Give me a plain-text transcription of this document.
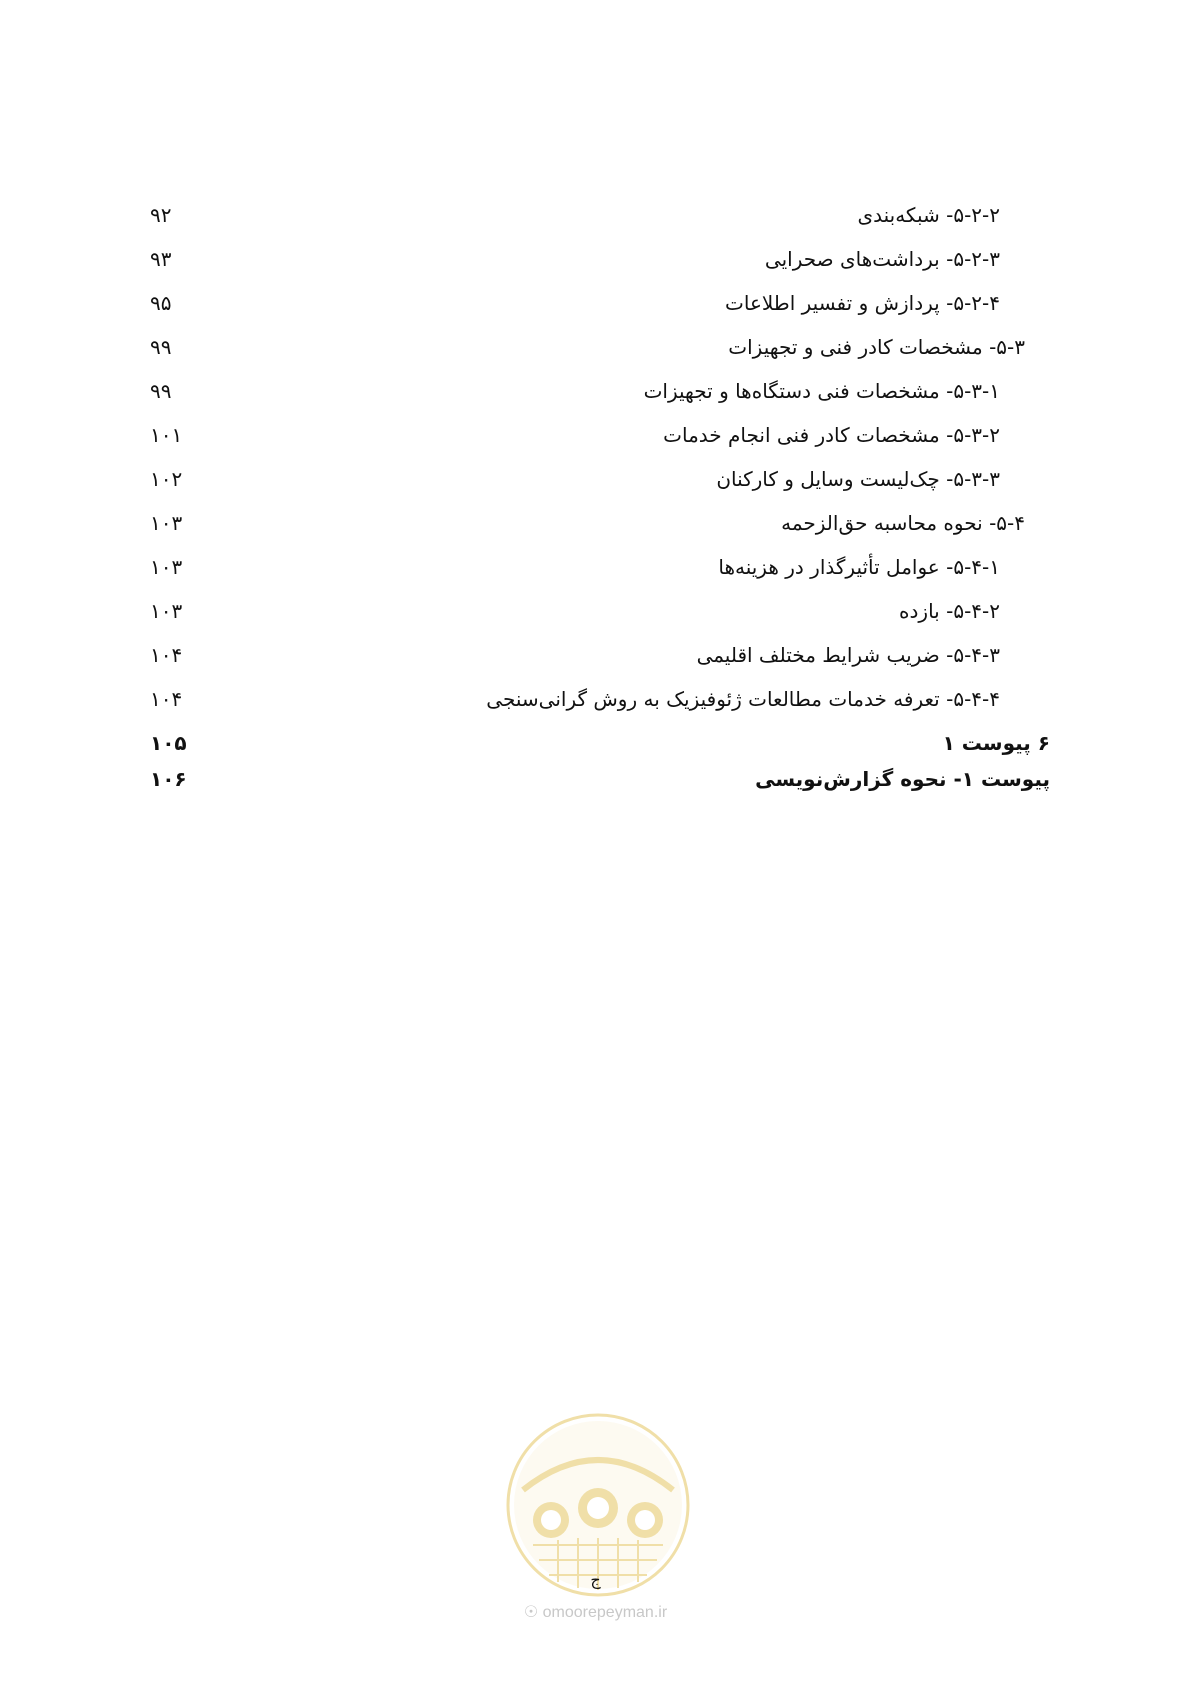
۵-۲-۲- شبکه‌بندی
۹۲
۵-۲-۳- برداشت‌های صحرایی
۹۳
۵-۲-۴- پردازش و تفسیر اطلاعات
۹۵
۵-۳- مشخصات کادر فنی و تجهیزات
۹۹
۵-۳-۱- مشخصات فنی دستگاه‌ها و تجهیزات
۹۹
۵-۳-۲- مشخصات کادر فنی انجام خدمات
۱۰۱
۵-۳-۳- چک‌لیست وسایل و کارکنان
۱۰۲
۵-۴- نحوه محاسبه حق‌الزحمه
۱۰۳
۵-۴-۱- عوامل تأثیرگذار در هزینه‌ها
۱۰۳
۵-۴-۲- بازده
۱۰۳
۵-۴-۳- ضریب شرایط مختلف اقلیمی
۱۰۴
۵-۴-۴- تعرفه خدمات مطالعات ژئوفیزیک به روش گرانی‌سنجی
۱۰۴
۶ پیوست ۱
۱۰۵
پیوست ۱- نحوه گزارش‌نویسی
۱۰۶
ج
☉ omoorepeyman.ir
